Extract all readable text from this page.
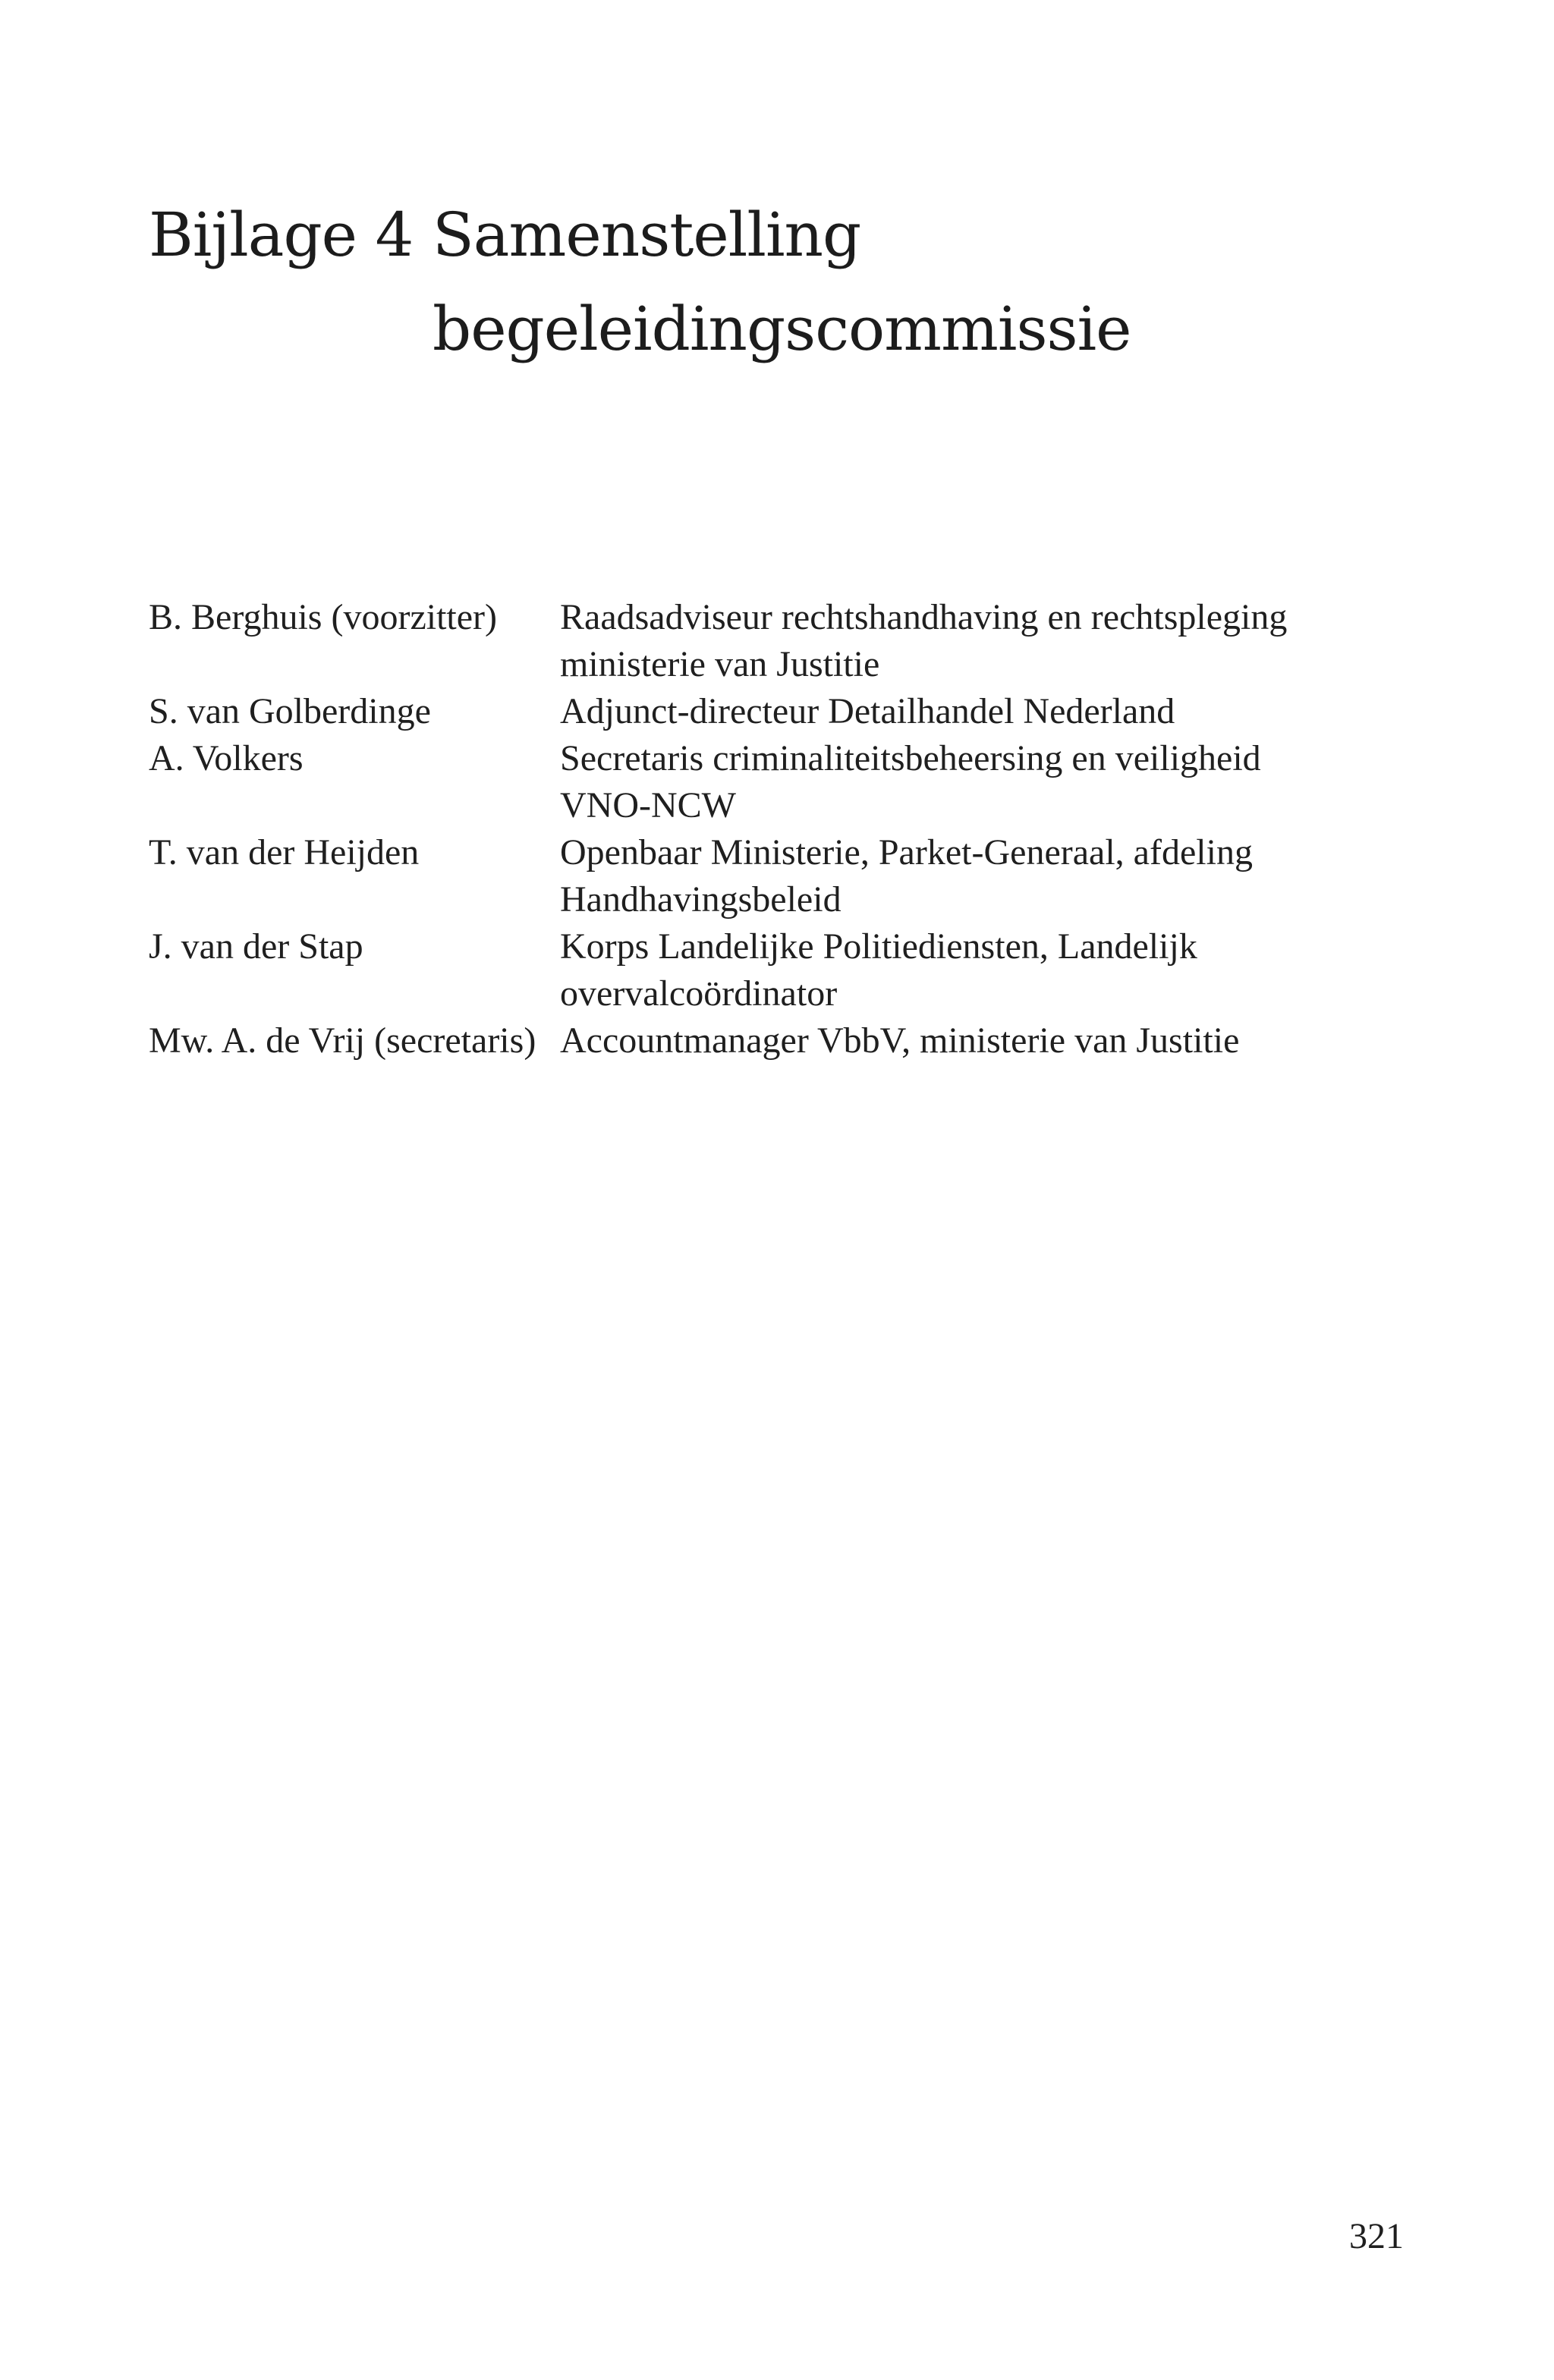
Bijlage 4 Samenstelling
begeleidingscommissie
B. Berghuis (voorzitter)	Raadsadviseur rechtshandhaving en rechtspleging
ministerie van Justitie
S. van Golberdinge	Adjunct-directeur Detailhandel Nederland
A. Volkers	Secretaris criminaliteitsbeheersing en veiligheid
VNO-NCW
T. van der Heijden	Openbaar Ministerie, Parket-Generaal, afdeling
Handhavingsbeleid
J. van der Stap	Korps Landelijke Politiediensten, Landelijk
overvalcoördinator
Mw. A. de Vrij (secretaris) Accountmanager VbbV, ministerie van Justitie
321
